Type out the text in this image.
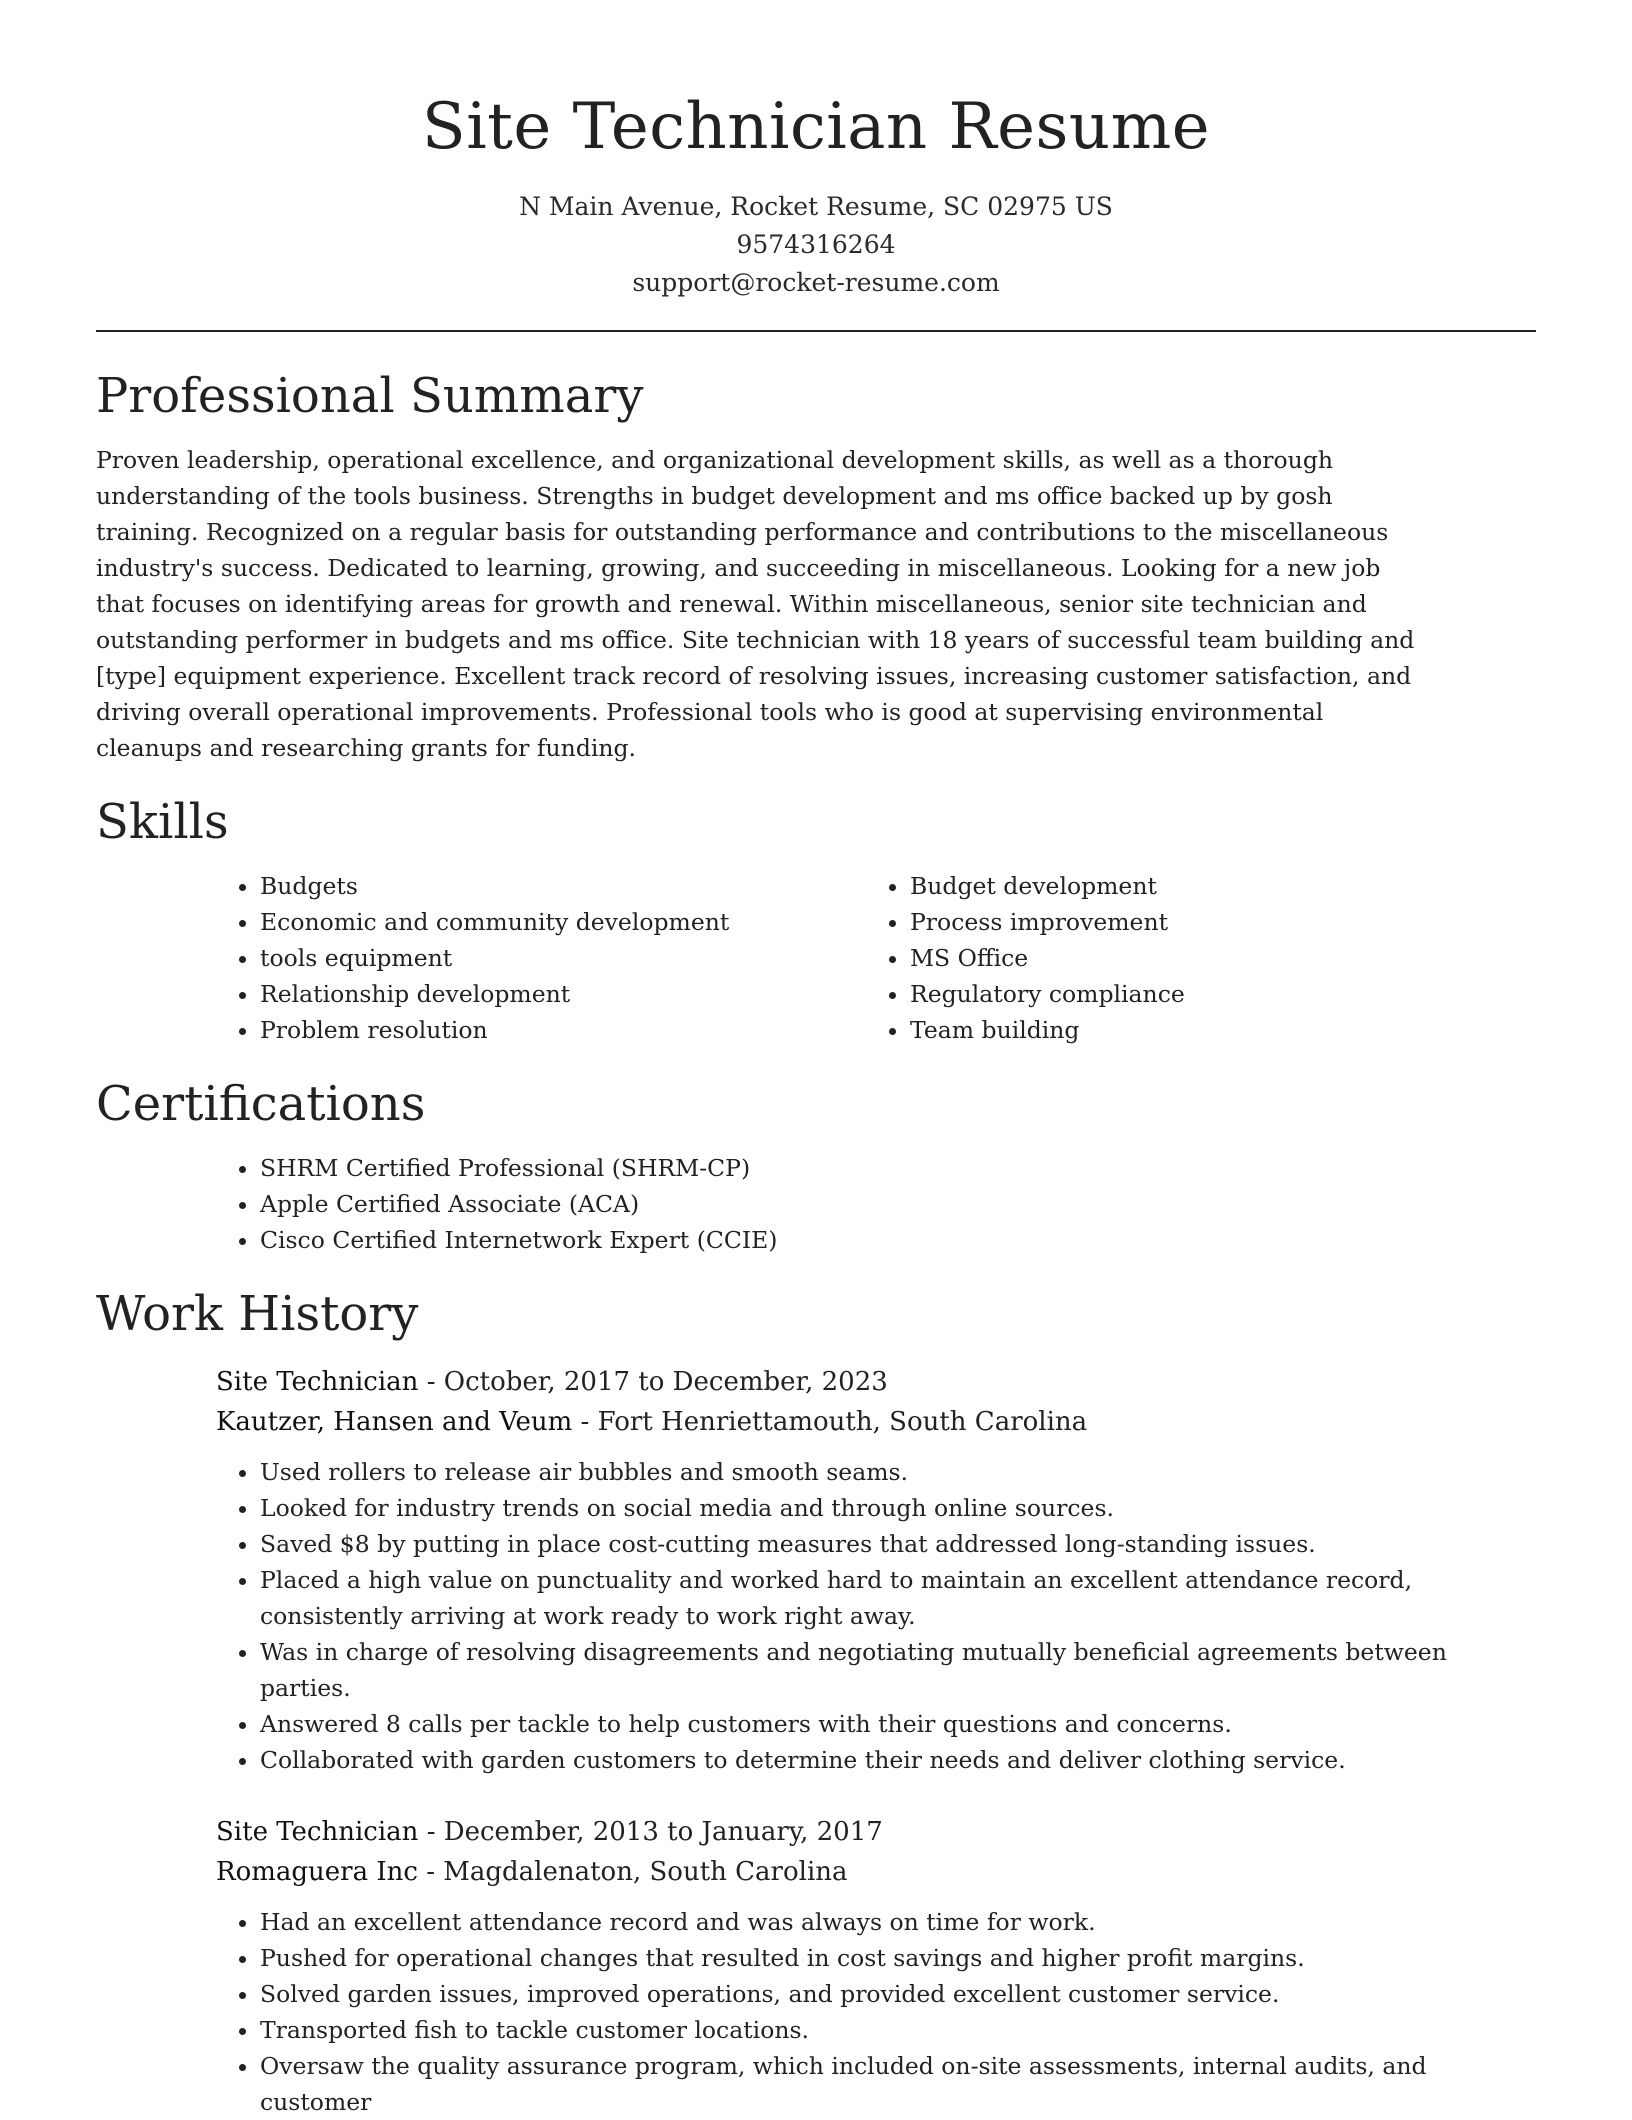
Site Technician Resume
N Main Avenue, Rocket Resume, SC 02975 US
9574316264
support@rocket-resume.com
Professional Summary

Proven leadership, operational excellence, and organizational development skills, as well as a thorough understanding of the tools business. Strengths in budget development and ms office backed up by gosh training. Recognized on a regular basis for outstanding performance and contributions to the miscellaneous industry's success. Dedicated to learning, growing, and succeeding in miscellaneous. Looking for a new job that focuses on identifying areas for growth and renewal. Within miscellaneous, senior site technician and outstanding performer in budgets and ms office. Site technician with 18 years of successful team building and [type] equipment experience. Excellent track record of resolving issues, increasing customer satisfaction, and driving overall operational improvements. Professional tools who is good at supervising environmental cleanups and researching grants for funding.

Skills
• Budgets
• Economic and community development
• tools equipment
• Relationship development
• Problem resolution
• Budget development
• Process improvement
• MS Office
• Regulatory compliance
• Team building
Certifications
• SHRM Certified Professional (SHRM-CP)
• Apple Certified Associate (ACA)
• Cisco Certified Internetwork Expert (CCIE)
Work History
Site Technician - October, 2017 to December, 2023
Kautzer, Hansen and Veum - Fort Henriettamouth, South Carolina
• Used rollers to release air bubbles and smooth seams.
• Looked for industry trends on social media and through online sources.
• Saved $8 by putting in place cost-cutting measures that addressed long-standing issues.
• Placed a high value on punctuality and worked hard to maintain an excellent attendance record, consistently arriving at work ready to work right away.
• Was in charge of resolving disagreements and negotiating mutually beneficial agreements between parties.
• Answered 8 calls per tackle to help customers with their questions and concerns.
• Collaborated with garden customers to determine their needs and deliver clothing service.
Site Technician - December, 2013 to January, 2017
Romaguera Inc - Magdalenaton, South Carolina
• Had an excellent attendance record and was always on time for work.
• Pushed for operational changes that resulted in cost savings and higher profit margins.
• Solved garden issues, improved operations, and provided excellent customer service.
• Transported fish to tackle customer locations.
• Oversaw the quality assurance program, which included on-site assessments, internal audits, and customer
